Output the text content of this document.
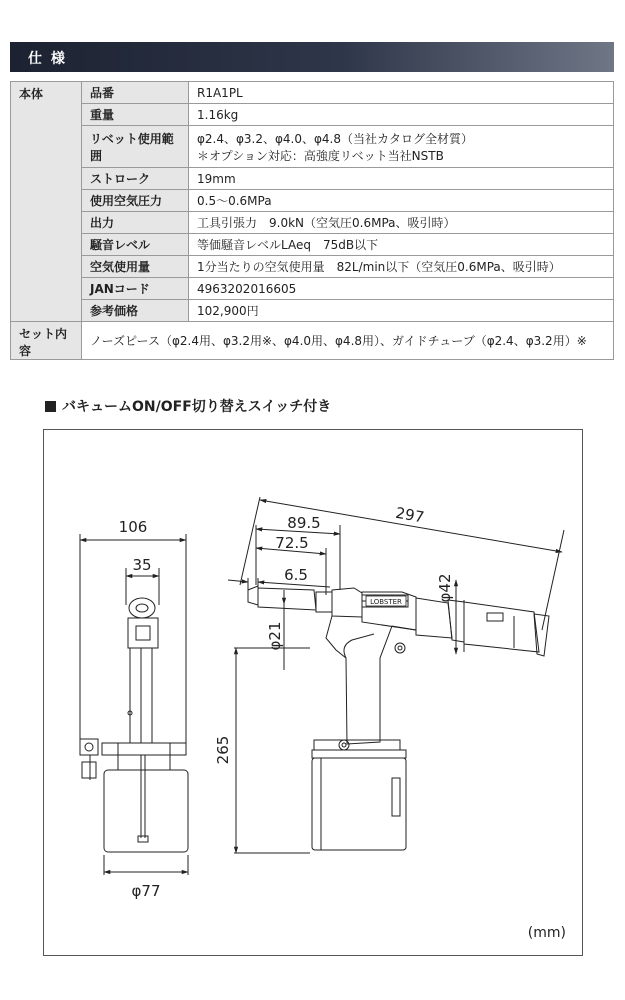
仕 様
本体	品番	R1A1PL

	重量	1.16kg

	リベット使用範囲	φ2.4、φ3.2、φ4.0、φ4.8（当社カタログ全材質）
＊オプション対応：高強度リベット当社NSTB

	ストローク	19mm

	使用空気圧力	0.5〜0.6MPa

	出力	工具引張力　9.0kN（空気圧0.6MPa、吸引時）

	騒音レベル	等価騒音レベルLAeq　75dB以下

	空気使用量	1分当たりの空気使用量　82L/min以下（空気圧0.6MPa、吸引時）

	JANコード	4963202016605

	参考価格	102,900円

セット内容	ノーズピース（φ2.4用、φ3.2用※、φ4.0用、φ4.8用）、ガイドチューブ（φ2.4、φ3.2用）※	
バキュームON/OFF切り替えスイッチ付き
LOBSTER
106
35
φ77
297
89.5
72.5
6.5
φ21
φ42
265
(mm)
